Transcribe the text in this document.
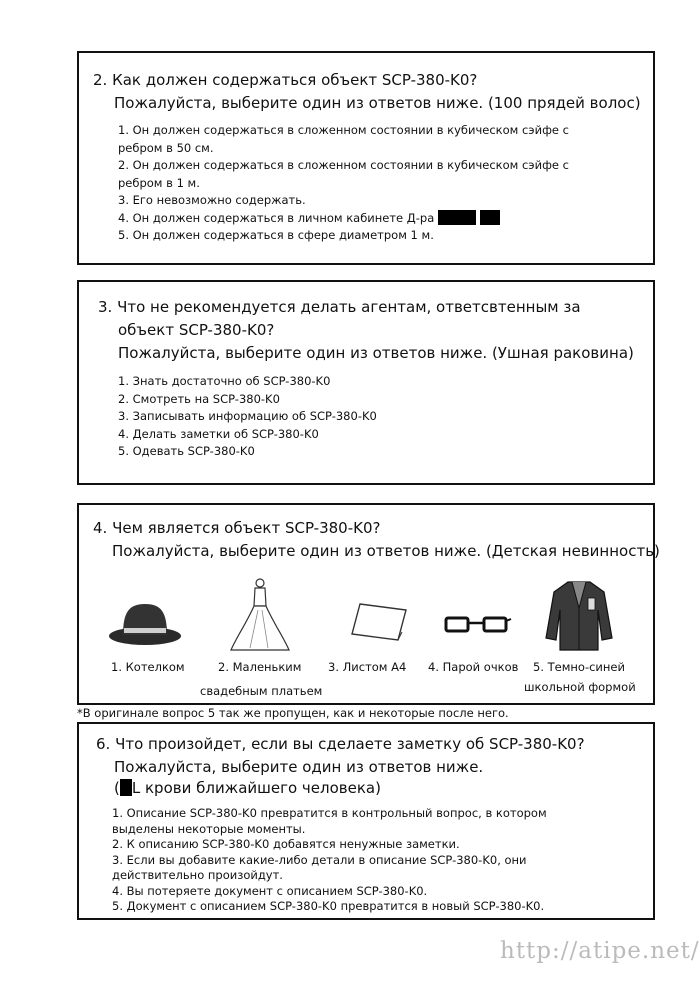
2. Как должен содержаться объект SCP-380-K0?
Пожалуйста, выберите один из ответов ниже. (100 прядей волос)
1. Он должен содержаться в сложенном состоянии в кубическом сэйфе с
ребром в 50 см.
2. Он должен содержаться в сложенном состоянии в кубическом сэйфе с
ребром в 1 м.
3. Его невозможно содержать.
4. Он должен содержаться в личном кабинете Д-ра
5. Он должен содержаться в сфере диаметром 1 м.
3. Что не рекомендуется делать агентам, ответсвтенным за
объект SCP-380-K0?
Пожалуйста, выберите один из ответов ниже. (Ушная раковина)
1. Знать достаточно об SCP-380-K0
2. Смотреть на SCP-380-K0
3. Записывать информацию об SCP-380-K0
4. Делать заметки об SCP-380-K0
5. Одевать SCP-380-K0
4. Чем является объект SCP-380-K0?
Пожалуйста, выберите один из ответов ниже. (Детская невинность)
1. Котелком	2. Маленьким
свадебным платьем
3. Листом А4 4. Парой очков 5. Темно-синей
школьной формой
*В оригинале вопрос 5 так же пропущен, как и некоторые после него.
6. Что произойдет, если вы сделаете заметку об SCP-380-K0?
Пожалуйста, выберите один из ответов ниже.
( L крови ближайшего человека)
1. Описание SCP-380-K0 превратится в контрольный вопрос, в котором
выделены некоторые моменты.
2. К описанию SCP-380-K0 добавятся ненужные заметки.
3. Если вы добавите какие-либо детали в описание SCP-380-K0, они
действительно произойдут.
4. Вы потеряете документ с описанием SCP-380-K0.
5. Документ с описанием SCP-380-K0 превратится в новый SCP-380-K0.
http://atipe.net/
